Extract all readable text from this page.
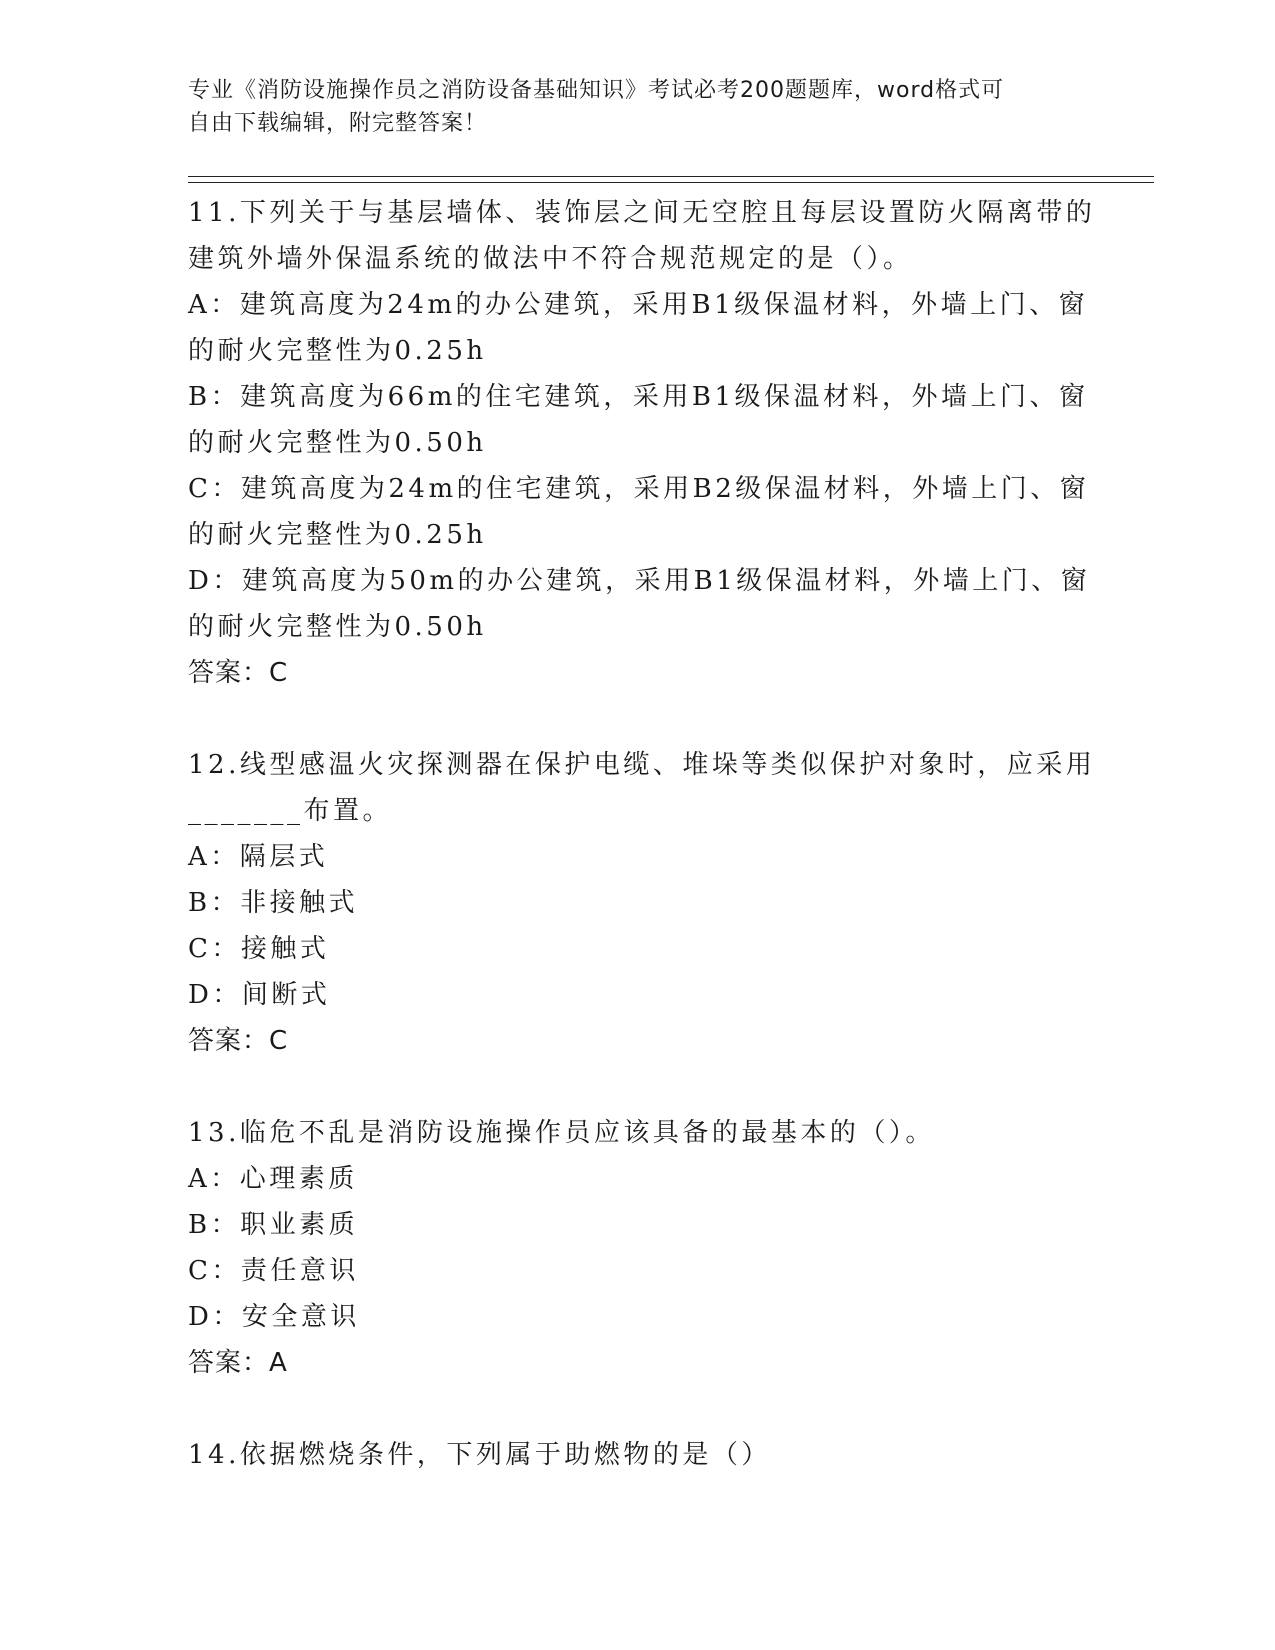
专业《消防设施操作员之消防设备基础知识》考试必考200题题库，word格式可
自由下载编辑，附完整答案！
11.下列关于与基层墙体、装饰层之间无空腔且每层设置防火隔离带的
建筑外墙外保温系统的做法中不符合规范规定的是（）。
A：建筑高度为24m的办公建筑，采用B1级保温材料，外墙上门、窗
的耐火完整性为0.25h
B：建筑高度为66m的住宅建筑，采用B1级保温材料，外墙上门、窗
的耐火完整性为0.50h
C：建筑高度为24m的住宅建筑，采用B2级保温材料，外墙上门、窗
的耐火完整性为0.25h
D：建筑高度为50m的办公建筑，采用B1级保温材料，外墙上门、窗
的耐火完整性为0.50h
答案：C
12.线型感温火灾探测器在保护电缆、堆垛等类似保护对象时，应采用
_______布置。
A：隔层式
B：非接触式
C：接触式
D：间断式
答案：C
13.临危不乱是消防设施操作员应该具备的最基本的（）。
A：心理素质
B：职业素质
C：责任意识
D：安全意识
答案：A
14.依据燃烧条件，下列属于助燃物的是（）
